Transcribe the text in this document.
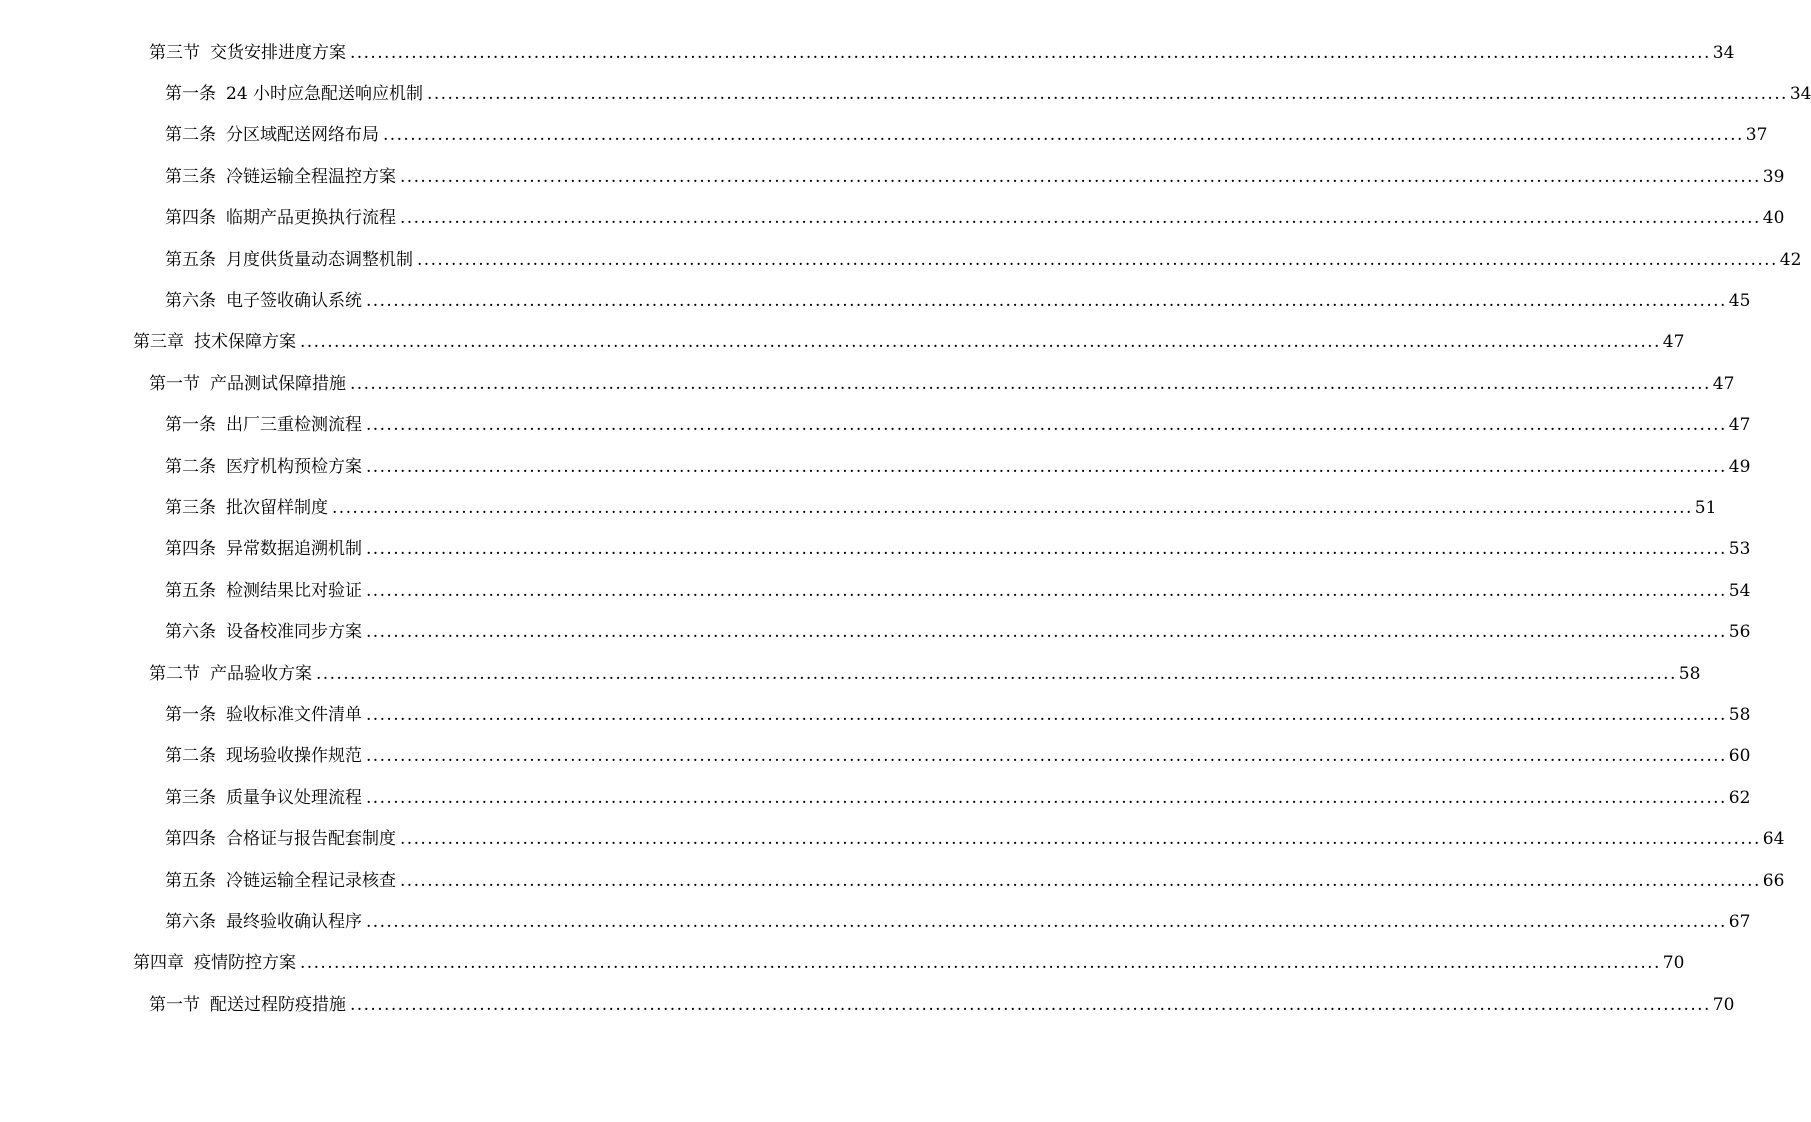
第三节 交货安排进度方案 ........................................................................................................................................................................................................ 34
第一条 24 小时应急配送响应机制 ........................................................................................................................................................................................................ 34
第二条 分区域配送网络布局 ........................................................................................................................................................................................................ 37
第三条 冷链运输全程温控方案 ........................................................................................................................................................................................................ 39
第四条 临期产品更换执行流程 ........................................................................................................................................................................................................ 40
第五条 月度供货量动态调整机制 ........................................................................................................................................................................................................ 42
第六条 电子签收确认系统 ........................................................................................................................................................................................................ 45
第三章 技术保障方案 ........................................................................................................................................................................................................ 47
第一节 产品测试保障措施 ........................................................................................................................................................................................................ 47
第一条 出厂三重检测流程 ........................................................................................................................................................................................................ 47
第二条 医疗机构预检方案 ........................................................................................................................................................................................................ 49
第三条 批次留样制度 ........................................................................................................................................................................................................ 51
第四条 异常数据追溯机制 ........................................................................................................................................................................................................ 53
第五条 检测结果比对验证 ........................................................................................................................................................................................................ 54
第六条 设备校准同步方案 ........................................................................................................................................................................................................ 56
第二节 产品验收方案 ........................................................................................................................................................................................................ 58
第一条 验收标准文件清单 ........................................................................................................................................................................................................ 58
第二条 现场验收操作规范 ........................................................................................................................................................................................................ 60
第三条 质量争议处理流程 ........................................................................................................................................................................................................ 62
第四条 合格证与报告配套制度 ........................................................................................................................................................................................................ 64
第五条 冷链运输全程记录核查 ........................................................................................................................................................................................................ 66
第六条 最终验收确认程序 ........................................................................................................................................................................................................ 67
第四章 疫情防控方案 ........................................................................................................................................................................................................ 70
第一节 配送过程防疫措施 ........................................................................................................................................................................................................ 70
